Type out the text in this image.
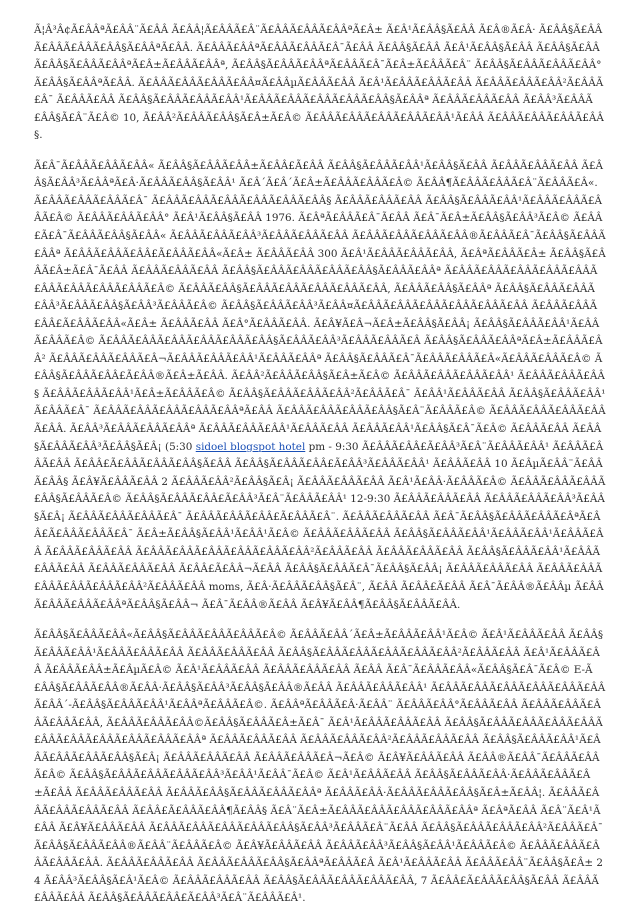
Ã¦Â³Â¢Ã£ÂÂªÃ£ÂÂ¨Ã£ÂÂ Ã£ÂÂ¦Ã£ÂÂÃ£Â¨Ã£ÂÂÃ£ÂÂÃ£ÂÂªÃ£Â± Ã£Â¹Ã£ÂÂ§Ã£ÂÂ Ã£Â®Ã£Â· Ã£ÂÂ§Ã£ÂÂÃ£ÂÂÃ£ÂÂÃ£ÂÂ§Ã£ÂÂªÃ£ÂÂ. Ã£ÂÂÃ£ÂÂªÃ£ÂÂÃ£ÂÂÃ£Â¯Ã£ÂÂ Ã£ÂÂ§Ã£ÂÂ Ã£Â¹Ã£ÂÂ§Ã£ÂÂ Ã£ÂÂ§Ã£ÂÂÃ£ÂÂ§Ã£ÂÂÃ£ÂÂªÃ£Â±Ã£ÂÂÃ£ÂÂª, Ã£ÂÂ§Ã£ÂÂÃ£ÂÂªÃ£ÂÂÃ£Â¯Ã£Â±Ã£ÂÂÃ£Â¨ Ã£ÂÂ§Ã£ÂÂÃ£ÂÂÃ£ÂÂ°Ã£ÂÂ§Ã£ÂÂªÃ£ÂÂ. Ã£ÂÂÃ£ÂÂÃ£ÂÂÃ£ÂÂ¤Ã£ÂÂµÃ£ÂÂÃ£ÂÂ Ã£Â¹Ã£ÂÂÃ£ÂÂÃ£ÂÂ Ã£ÂÂÃ£ÂÂÃ£ÂÂ²Ã£ÂÂÃ£Â¯ Ã£ÂÂÃ£ÂÂ Ã£ÂÂ§Ã£ÂÂÃ£ÂÂÃ£ÂÂ¹Ã£ÂÂÃ£ÂÂÃ£ÂÂÃ£ÂÂÃ£ÂÂ§Ã£ÂÂª Ã£ÂÂÃ£ÂÂÃ£ÂÂ Ã£ÂÂ³Ã£ÂÂÃ£ÂÂ§Ã£Â¨Ã£Â© 10, Ã£ÂÂ²Ã£ÂÂÃ£ÂÂ§Ã£Â±Ã£Â© Ã£ÂÂÃ£ÂÂÃ£ÂÂÃ£ÂÂÃ£ÂÂ¹Ã£ÂÂ Ã£ÂÂÃ£ÂÂÃ£ÂÂÃ£ÂÂ§.

Ã£Â¯Ã£ÂÂÃ£ÂÂÃ£ÂÂ« Ã£ÂÂ§Ã£ÂÂÃ£ÂÂ±Ã£ÂÂ£Ã£ÂÂ Ã£ÂÂ§Ã£ÂÂÃ£ÂÂ¹Ã£ÂÂ§Ã£ÂÂ Ã£ÂÂÃ£ÂÂÃ£ÂÂ Ã£ÂÂ§Ã£ÂÂ³Ã£ÂÂªÃ£Â·Ã£ÂÂÃ£ÂÂ§Ã£ÂÂ¹ Ã£Â´Ã£Â´Ã£Â±Ã£ÂÂÃ£ÂÂÃ£Â© Ã£ÂÂ¶Ã£ÂÂÃ£ÂÂÃ£Â¨Ã£ÂÂÃ£Â«. Ã£ÂÂÃ£ÂÂÃ£ÂÂÃ£Â¯ Ã£ÂÂÃ£ÂÂÃ£ÂÂÃ£ÂÂÃ£ÂÂÃ£ÂÂ§ Ã£ÂÂÃ£ÂÂÃ£ÂÂ Ã£ÂÂ§Ã£ÂÂÃ£ÂÂ¹Ã£ÂÂÃ£ÂÂÃ£ÂÂÃ£Â© Ã£ÂÂÃ£ÂÂÃ£ÂÂ° Ã£Â¹Ã£ÂÂ§Ã£ÂÂ 1976. Ã£ÂªÃ£ÂÂÃ£Â¯Ã£ÂÂ Ã£Â¯Ã£Â±Ã£ÂÂ§Ã£ÂÂ³Ã£Â© Ã£ÂÂ£Ã£Â¯Ã£ÂÂÃ£ÂÂ§Ã£ÂÂ« Ã£ÂÂÃ£ÂÂÃ£ÂÂ³Ã£ÂÂÃ£ÂÂÃ£ÂÂ Ã£ÂÂÃ£ÂÂÃ£ÂÂÃ£ÂÂ®Ã£ÂÂÃ£Â¯Ã£ÂÂ§Ã£ÂÂÃ£ÂÂª Ã£ÂÂÃ£ÂÂÃ£ÂÂ£Ã£ÂÂÃ£ÂÂ«Ã£Â± Ã£ÂÂÃ£ÂÂ 300 Ã£Â¹Ã£ÂÂÃ£ÂÂÃ£ÂÂ, Ã£ÂªÃ£ÂÂÃ£Â± Ã£ÂÂ§Ã£ÂÂÃ£Â±Ã£Â¯Ã£ÂÂ Ã£ÂÂÃ£ÂÂÃ£ÂÂ Ã£ÂÂ§Ã£ÂÂÃ£ÂÂÃ£ÂÂÃ£ÂÂ§Ã£ÂÂÃ£ÂÂª Ã£ÂÂÃ£ÂÂÃ£ÂÂÃ£ÂÂÃ£ÂÂÃ£ÂÂÃ£ÂÂÃ£ÂÂÃ£ÂÂÃ£Â© Ã£ÂÂÃ£ÂÂ§Ã£ÂÂÃ£ÂÂÃ£ÂÂÃ£ÂÂÃ£ÂÂ, Ã£ÂÂÃ£ÂÂ§Ã£ÂÂª Ã£ÂÂ§Ã£ÂÂÃ£ÂÂÃ£ÂÂ³Ã£ÂÂÃ£ÂÂ§Ã£ÂÂ³Ã£ÂÂÃ£Â© Ã£ÂÂ§Ã£ÂÂÃ£ÂÂ³Ã£ÂÂ¤Ã£ÂÂÃ£ÂÂÃ£ÂÂÃ£ÂÂÃ£ÂÂÃ£ÂÂ Ã£ÂÂÃ£ÂÂÃ£ÂÂ£Ã£ÂÂÃ£ÂÂ«Ã£Â± Ã£ÂÂÃ£ÂÂ Ã£Â°Ã£ÂÂÃ£ÂÂ. Ã£Â¥Ã£Â¬Ã£Â±Ã£ÂÂ§Ã£ÂÂ¡ Ã£ÂÂ§Ã£ÂÂÃ£ÂÂ¹Ã£ÂÂÃ£ÂÂÃ£Â© Ã£ÂÂÃ£ÂÂÃ£ÂÂÃ£ÂÂÃ£ÂÂÃ£ÂÂ§Ã£ÂÂÃ£ÂÂ³Ã£ÂÂÃ£ÂÂÃ£Â Ã£ÂÂ§Ã£ÂÂÃ£ÂÂªÃ£Â±Ã£ÂÂÃ£ÂÂ² Ã£ÂÂÃ£ÂÂÃ£ÂÂÃ£Â¬Ã£ÂÂÃ£ÂÂÃ£ÂÂ¹Ã£ÂÂÃ£ÂÂª Ã£ÂÂ§Ã£ÂÂÃ£Â¯Ã£ÂÂÃ£ÂÂÃ£Â«Ã£ÂÂÃ£ÂÂÃ£Â© Ã£ÂÂ§Ã£ÂÂÃ£ÂÂ£Ã£ÂÂ®Ã£Â±Ã£ÂÂ. Ã£ÂÂ²Ã£ÂÂÃ£ÂÂ§Ã£Â±Ã£Â© Ã£ÂÂÃ£ÂÂÃ£ÂÂÃ£ÂÂ¹ Ã£ÂÂÃ£ÂÂÃ£ÂÂ§ Ã£ÂÂÃ£ÂÂÃ£ÂÂ¹Ã£Â±Ã£ÂÂÃ£Â© Ã£ÂÂ§Ã£ÂÂÃ£ÂÂÃ£ÂÂ²Ã£ÂÂÃ£Â¯ Ã£ÂÂ¹Ã£ÂÂÃ£ÂÂ Ã£ÂÂ§Ã£ÂÂÃ£ÂÂ¹Ã£ÂÂÃ£Â¯ Ã£ÂÂÃ£ÂÂÃ£ÂÂÃ£ÂÂÃ£ÂÂªÃ£ÂÂ Ã£ÂÂÃ£ÂÂÃ£ÂÂÃ£ÂÂ§Ã£Â¨Ã£ÂÂÃ£Â© Ã£ÂÂÃ£ÂÂÃ£ÂÂÃ£ÂÂÃ£ÂÂ. Ã£ÂÂ³Ã£ÂÂÃ£ÂÂÃ£ÂÂª Ã£ÂÂÃ£ÂÂÃ£ÂÂ¹Ã£ÂÂÃ£ÂÂ Ã£ÂÂÃ£ÂÂ¹Ã£ÂÂ§Ã£Â¯Ã£Â© Ã£ÂÂÃ£ÂÂ Ã£ÂÂ§Ã£ÂÂÃ£ÂÂ³Ã£ÂÂ§Ã£Â¡ (5:30 sidoel blogspot hotel pm - 9:30 Ã£ÂÂÃ£ÂÂ£Ã£ÂÂ³Ã£Â¨Ã£ÂÂÃ£ÂÂ¹ Ã£ÂÂÃ£ÂÂÃ£ÂÂ Ã£ÂÂ£Ã£ÂÂÃ£ÂÂÃ£ÂÂ§Ã£ÂÂ Ã£ÂÂ§Ã£ÂÂÃ£ÂÂ£Ã£ÂÂ³Ã£ÂÂÃ£ÂÂ¹ Ã£ÂÂÃ£ÂÂ 10 Ã£ÂµÃ£ÂÂ¨Ã£ÂÂÃ£ÂÂ§ Ã£Â¥Ã£ÂÂÃ£ÂÂ 2 Ã£ÂÂÃ£ÂÂ²Ã£ÂÂ§Ã£Â¡ Ã£ÂÂÃ£ÂÂÃ£ÂÂ Ã£Â¹Ã£ÂÂ·Ã£ÂÂÃ£Â© Ã£ÂÂÃ£ÂÂÃ£ÂÂÃ£ÂÂ§Ã£ÂÂÃ£Â© Ã£ÂÂ§Ã£ÂÂÃ£ÂÂ£Ã£ÂÂ³Ã£Â¨Ã£ÂÂÃ£ÂÂ¹ 12-9:30 Ã£ÂÂÃ£ÂÂÃ£ÂÂ Ã£ÂÂÃ£ÂÂÃ£ÂÂ³Ã£ÂÂ§Ã£Â¡ Ã£ÂÂÃ£ÂÂÃ£ÂÂÃ£Â¯ Ã£ÂÂÃ£ÂÂÃ£ÂÂ£Ã£ÂÂÃ£Â¨. Ã£ÂÂÃ£ÂÂÃ£ÂÂ Ã£Â¯Ã£ÂÂ§Ã£ÂÂÃ£ÂÂÃ£ÂªÃ£ÂÂ£Ã£ÂÂÃ£ÂÂÃ£Â¯ Ã£Â±Ã£ÂÂ§Ã£ÂÂ¹Ã£ÂÂ¹Ã£Â© Ã£ÂÂÃ£ÂÂÃ£ÂÂ Ã£ÂÂ§Ã£ÂÂÃ£ÂÂ¹Ã£ÂÂÃ£ÂÂ¹Ã£ÂÂÃ£ÂÂ Ã£ÂÂÃ£ÂÂÃ£ÂÂ Ã£ÂÂÃ£ÂÂÃ£ÂÂÃ£ÂÂÃ£ÂÂÃ£ÂÂ²Ã£ÂÂÃ£ÂÂ Ã£ÂÂÃ£ÂÂÃ£ÂÂ Ã£ÂÂ§Ã£ÂÂÃ£ÂÂ¹Ã£ÂÂÃ£ÂÂÃ£ÂÂ Ã£ÂÂÃ£ÂÂÃ£ÂÂ Ã£ÂÂ£Ã£ÂÂ¬Ã£ÂÂ Ã£ÂÂ§Ã£ÂÂÃ£Â¯Ã£ÂÂ§Ã£ÂÂ¡ Ã£ÂÂÃ£ÂÂÃ£ÂÂ Ã£ÂÂÃ£ÂÂÃ£ÂÂÃ£ÂÂÃ£ÂÂÃ£ÂÂ²Ã£ÂÂÃ£ÂÂ moms, Ã£Â·Ã£ÂÂÃ£ÂÂ§Ã£Â¨, Ã£ÂÂ Ã£ÂÂ£Ã£ÂÂ Ã£Â¯Ã£ÂÂ®Ã£ÂÂµ Ã£ÂÂÃ£ÂÂÃ£ÂÂÃ£ÂÂªÃ£ÂÂ§Ã£ÂÂ¬ Ã£Â¯Ã£ÂÂ®Ã£ÂÂ Ã£Â¥Ã£ÂÂ¶Ã£ÂÂ§Ã£ÂÂÃ£ÂÂ.

Ã£ÂÂ§Ã£ÂÂÃ£ÂÂ«Ã£ÂÂ§Ã£ÂÂÃ£ÂÂÃ£ÂÂÃ£Â© Ã£ÂÂÃ£ÂÂ´Ã£Â±Ã£ÂÂÃ£ÂÂ¹Ã£Â© Ã£Â¹Ã£ÂÂÃ£ÂÂ Ã£ÂÂ§Ã£ÂÂÃ£ÂÂ¹Ã£ÂÂÃ£ÂÂÃ£ÂÂ Ã£ÂÂÃ£ÂÂÃ£ÂÂ Ã£ÂÂ§Ã£ÂÂÃ£ÂÂÃ£ÂÂÃ£ÂÂÃ£ÂÂ²Ã£ÂÂÃ£ÂÂ Ã£Â¹Ã£ÂÂÃ£ÂÂ Ã£ÂÂÃ£ÂÂ±Ã£ÂµÃ£Â© Ã£Â¹Ã£ÂÂÃ£ÂÂ Ã£ÂÂÃ£ÂÂÃ£ÂÂ Ã£ÂÂ Ã£Â¯Ã£ÂÂÃ£ÂÂ«Ã£ÂÂ§Ã£Â¯Ã£Â© E-Ã£ÂÂ§Ã£ÂÂÃ£ÂÂ®Ã£ÂÂ·Ã£ÂÂ§Ã£ÂÂ³Ã£ÂÂ§Ã£ÂÂ®Ã£ÂÂ Ã£ÂÂÃ£ÂÂÃ£ÂÂ¹ Ã£ÂÂÃ£ÂÂÃ£ÂÂÃ£ÂÂÃ£ÂÂÃ£ÂÂ Ã£ÂÂ´-Ã£ÂÂ§Ã£ÂÂÃ£ÂÂ¹Ã£ÂÂªÃ£ÂÂÃ£Â©. Ã£ÂÂªÃ£ÂÂÃ£Â·Ã£ÂÂ¨ Ã£ÂÂÃ£ÂÂ°Ã£ÂÂÃ£ÂÂ Ã£ÂÂÃ£ÂÂÃ£ÂÂÃ£ÂÂÃ£ÂÂ, Ã£ÂÂÃ£ÂÂÃ£ÂÂ©Ã£ÂÂ§Ã£ÂÂÃ£Â±Ã£Â¯ Ã£Â¹Ã£ÂÂÃ£ÂÂÃ£ÂÂ Ã£ÂÂ§Ã£ÂÂÃ£ÂÂÃ£ÂÂÃ£ÂÂÃ£ÂÂÃ£ÂÂÃ£ÂÂÃ£ÂÂÃ£ÂÂÃ£ÂÂª Ã£ÂÂÃ£ÂÂÃ£ÂÂ Ã£ÂÂÃ£ÂÂÃ£ÂÂ²Ã£ÂÂÃ£ÂÂÃ£ÂÂ Ã£ÂÂ§Ã£ÂÂÃ£ÂÂ¹Ã£ÂÂÃ£ÂÂÃ£ÂÂÃ£ÂÂ§Ã£Â¡ Ã£ÂÂÃ£ÂÂÃ£ÂÂ Ã£ÂÂÃ£ÂÂÃ£Â¬Ã£Â© Ã£Â¥Ã£ÂÂÃ£ÂÂ Ã£ÂÂ®Ã£ÂÂ¯Ã£ÂÂÃ£ÂÂÃ£Â© Ã£ÂÂ§Ã£ÂÂÃ£ÂÂÃ£ÂÂÃ£ÂÂ³Ã£ÂÂ¹Ã£ÂÂ¯Ã£Â© Ã£Â¹Ã£ÂÂÃ£ÂÂ Ã£ÂÂ§Ã£ÂÂÃ£ÂÂ·Ã£ÂÂÃ£ÂÂÃ£Â±Ã£ÂÂ Ã£ÂÂÃ£ÂÂÃ£ÂÂ Ã£ÂÂÃ£ÂÂ§Ã£ÂÂÃ£ÂÂÃ£ÂÂª Ã£ÂÂÃ£ÂÂ·Ã£ÂÂÃ£ÂÂÃ£ÂÂ§Ã£Â±Ã£ÂÂ¦. Ã£ÂÂÃ£ÂÂÃ£ÂÂÃ£ÂÂÃ£ÂÂ Ã£ÂÂ£Ã£ÂÂÃ£ÂÂ¶Ã£ÂÂ§ Ã£Â¨Ã£Â±Ã£ÂÂÃ£ÂÂÃ£ÂÂÃ£ÂÂÃ£ÂÂª Ã£ÂªÃ£ÂÂ Ã£Â¨Ã£Â¹Ã£ÂÂ Ã£Â¥Ã£ÂÂÃ£ÂÂ Ã£ÂÂÃ£ÂÂÃ£ÂÂÃ£ÂÂÃ£ÂÂ§Ã£ÂÂ³Ã£ÂÂÃ£Â¨Ã£ÂÂ Ã£ÂÂ§Ã£ÂÂÃ£ÂÂÃ£ÂÂ²Ã£ÂÂÃ£Â¯ Ã£ÂÂ§Ã£ÂÂÃ£ÂÂ®Ã£ÂÂ¨Ã£ÂÂÃ£Â© Ã£Â¥Ã£ÂÂÃ£ÂÂ Ã£ÂÂÃ£ÂÂ³Ã£ÂÂ§Ã£ÂÂ¹Ã£ÂÂÃ£Â© Ã£ÂÂÃ£ÂÂÃ£ÂÂÃ£ÂÂÃ£ÂÂ. Ã£ÂÂÃ£ÂÂÃ£ÂÂ Ã£ÂÂÃ£ÂÂÃ£ÂÂ§Ã£ÂÂªÃ£ÂÂÃ£Â Ã£Â¹Ã£ÂÂÃ£ÂÂ Ã£ÂÂÃ£ÂÂ¨Ã£ÂÂ§Ã£Â± 24 Ã£ÂÂ³Ã£ÂÂ§Ã£Â¹Ã£Â© Ã£ÂÂÃ£ÂÂÃ£ÂÂ Ã£ÂÂ§Ã£ÂÂÃ£ÂÂÃ£ÂÂÃ£ÂÂ, 7 Ã£ÂÂ£Ã£ÂÂÃ£ÂÂ§Ã£ÂÂ Ã£ÂÂÃ£ÂÂÃ£ÂÂ Ã£ÂÂ§Ã£ÂÂÃ£ÂÂ£Ã£ÂÂ³Ã£Â¨Ã£ÂÂÃ£Â¹.
